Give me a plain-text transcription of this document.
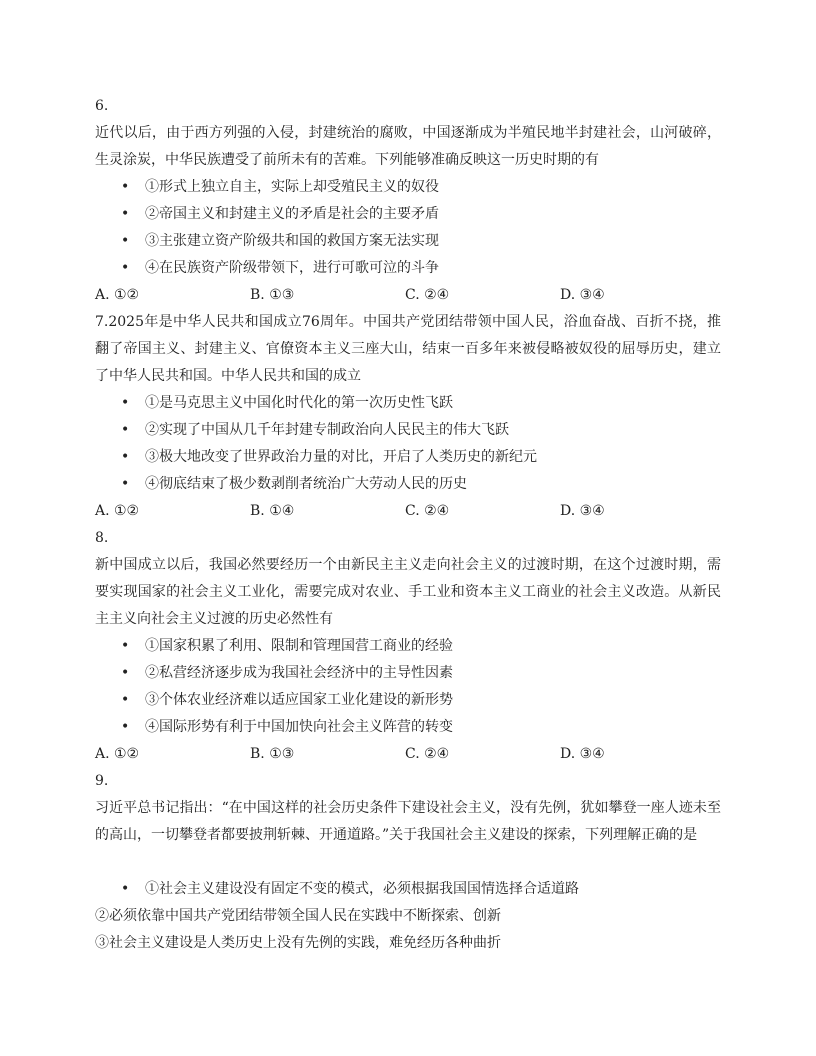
6.
近代以后，由于西方列强的入侵，封建统治的腐败，中国逐渐成为半殖民地半封建社会，山河破碎，生灵涂炭，中华民族遭受了前所未有的苦难。下列能够准确反映这一历史时期的有
• ①形式上独立自主，实际上却受殖民主义的奴役
• ②帝国主义和封建主义的矛盾是社会的主要矛盾
• ③主张建立资产阶级共和国的救国方案无法实现
• ④在民族资产阶级带领下，进行可歌可泣的斗争
A. ①②	B. ①③	C. ②④	D. ③④
7.2025年是中华人民共和国成立76周年。中国共产党团结带领中国人民，浴血奋战、百折不挠，推翻了帝国主义、封建主义、官僚资本主义三座大山，结束一百多年来被侵略被奴役的屈辱历史，建立了中华人民共和国。中华人民共和国的成立
• ①是马克思主义中国化时代化的第一次历史性飞跃
• ②实现了中国从几千年封建专制政治向人民民主的伟大飞跃
• ③极大地改变了世界政治力量的对比，开启了人类历史的新纪元
• ④彻底结束了极少数剥削者统治广大劳动人民的历史
A. ①②	B. ①④	C. ②④	D. ③④
8.
新中国成立以后，我国必然要经历一个由新民主主义走向社会主义的过渡时期，在这个过渡时期，需要实现国家的社会主义工业化，需要完成对农业、手工业和资本主义工商业的社会主义改造。从新民主主义向社会主义过渡的历史必然性有
• ①国家积累了利用、限制和管理国营工商业的经验
• ②私营经济逐步成为我国社会经济中的主导性因素
• ③个体农业经济难以适应国家工业化建设的新形势
• ④国际形势有利于中国加快向社会主义阵营的转变
A. ①②	B. ①③	C. ②④	D. ③④
9.
习近平总书记指出：“在中国这样的社会历史条件下建设社会主义，没有先例，犹如攀登一座人迹未至的高山，一切攀登者都要披荆斩棘、开通道路。”关于我国社会主义建设的探索，下列理解正确的是
• ①社会主义建设没有固定不变的模式，必须根据我国国情选择合适道路
②必须依靠中国共产党团结带领全国人民在实践中不断探索、创新
③社会主义建设是人类历史上没有先例的实践，难免经历各种曲折
